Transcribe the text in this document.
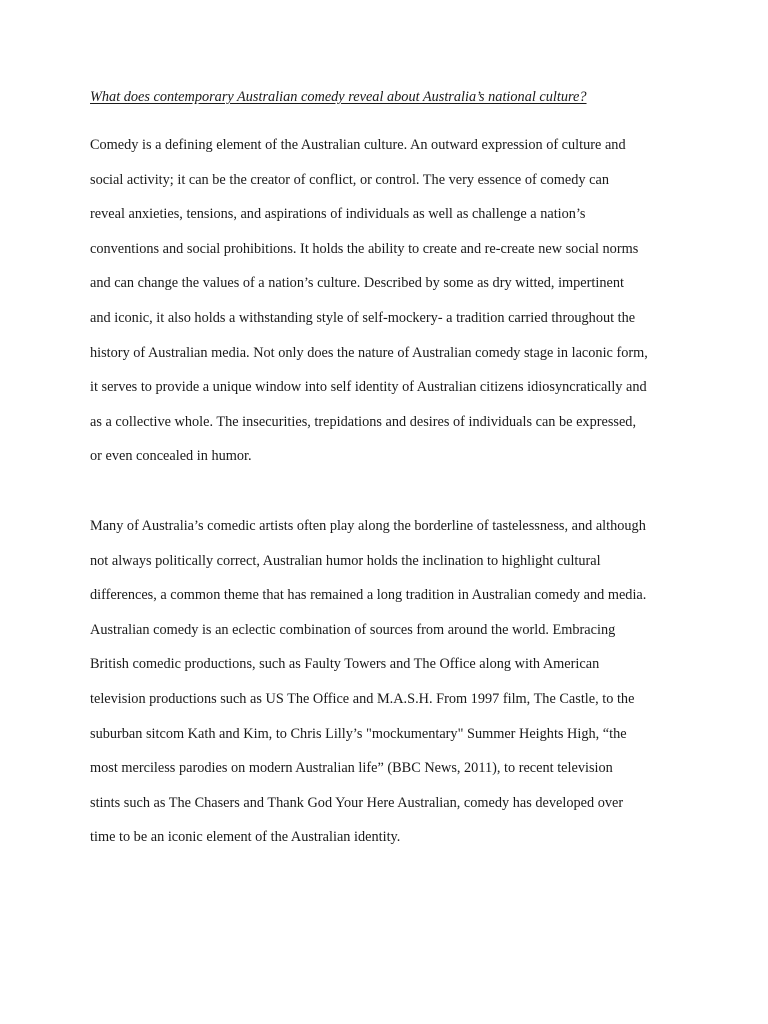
What does contemporary Australian comedy reveal about Australia’s national culture?
Comedy is a defining element of the Australian culture. An outward expression of culture and
social activity; it can be the creator of conflict, or control. The very essence of comedy can
reveal anxieties, tensions, and aspirations of individuals as well as challenge a nation’s
conventions and social prohibitions. It holds the ability to create and re-create new social norms
and can change the values of a nation’s culture. Described by some as dry witted, impertinent
and iconic, it also holds a withstanding style of self-mockery- a tradition carried throughout the
history of Australian media. Not only does the nature of Australian comedy stage in laconic form,
it serves to provide a unique window into self identity of Australian citizens idiosyncratically and
as a collective whole. The insecurities, trepidations and desires of individuals can be expressed,
or even concealed in humor.
Many of Australia’s comedic artists often play along the borderline of tastelessness, and although
not always politically correct, Australian humor holds the inclination to highlight cultural
differences, a common theme that has remained a long tradition in Australian comedy and media.
Australian comedy is an eclectic combination of sources from around the world. Embracing
British comedic productions, such as Faulty Towers and The Office along with American
television productions such as US The Office and M.A.S.H. From 1997 film, The Castle, to the
suburban sitcom Kath and Kim, to Chris Lilly’s "mockumentary" Summer Heights High, “the
most merciless parodies on modern Australian life” (BBC News, 2011), to recent television
stints such as The Chasers and Thank God Your Here Australian, comedy has developed over
time to be an iconic element of the Australian identity.
